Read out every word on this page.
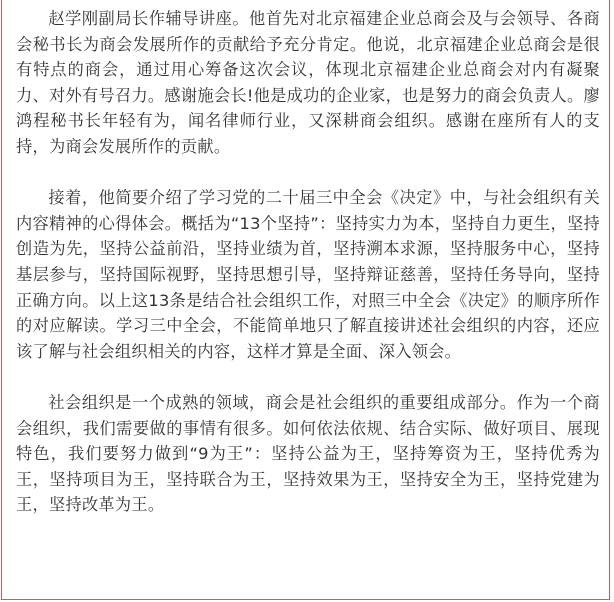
赵学刚副局长作辅导讲座。他首先对北京福建企业总商会及与会领导、各商会秘书长为商会发展所作的贡献给予充分肯定。他说，北京福建企业总商会是很有特点的商会，通过用心筹备这次会议，体现北京福建企业总商会对内有凝聚力、对外有号召力。感谢施会长!他是成功的企业家，也是努力的商会负责人。廖鸿程秘书长年轻有为，闻名律师行业，又深耕商会组织。感谢在座所有人的支持，为商会发展所作的贡献。

接着，他简要介绍了学习党的二十届三中全会《决定》中，与社会组织有关内容精神的心得体会。概括为“13个坚持”：坚持实力为本，坚持自力更生，坚持创造为先，坚持公益前沿，坚持业绩为首，坚持溯本求源，坚持服务中心，坚持基层参与，坚持国际视野，坚持思想引导，坚持辩证慈善，坚持任务导向，坚持正确方向。以上这13条是结合社会组织工作，对照三中全会《决定》的顺序所作的对应解读。学习三中全会，不能简单地只了解直接讲述社会组织的内容，还应该了解与社会组织相关的内容，这样才算是全面、深入领会。

社会组织是一个成熟的领域，商会是社会组织的重要组成部分。作为一个商会组织，我们需要做的事情有很多。如何依法依规、结合实际、做好项目、展现特色，我们要努力做到“9为王”：坚持公益为王，坚持筹资为王，坚持优秀为王，坚持项目为王，坚持联合为王，坚持效果为王，坚持安全为王，坚持党建为王，坚持改革为王。
